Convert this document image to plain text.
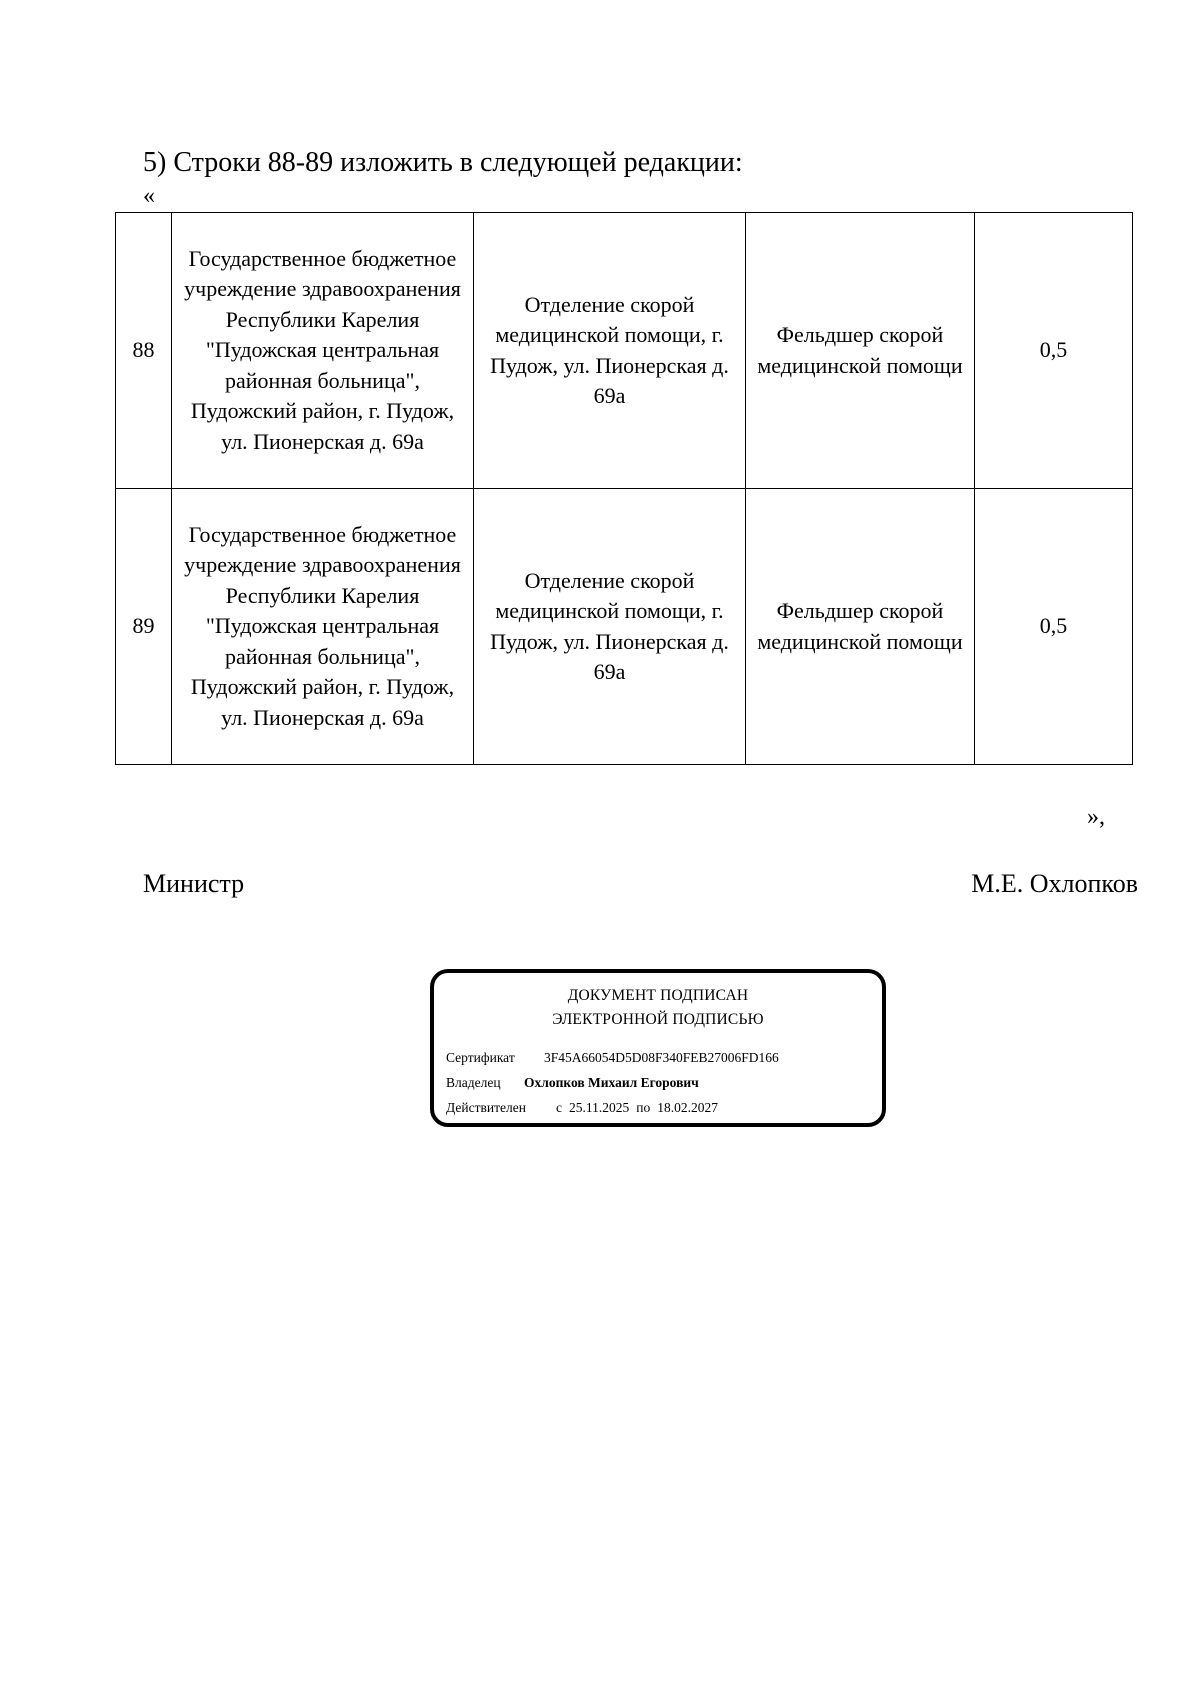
5) Строки 88-89 изложить в следующей редакции:
«
88	Государственное бюджетное учреждение здравоохранения Республики Карелия "Пудожская центральная районная больница", Пудожский район, г. Пудож, ул. Пионерская д. 69а	Отделение скорой медицинской помощи, г. Пудож, ул. Пионерская д. 69а	Фельдшер скорой медицинской помощи	0,5
89	Государственное бюджетное учреждение здравоохранения Республики Карелия "Пудожская центральная районная больница", Пудожский район, г. Пудож, ул. Пионерская д. 69а	Отделение скорой медицинской помощи, г. Пудож, ул. Пионерская д. 69а	Фельдшер скорой медицинской помощи	0,5
»,
Министр	М.Е. Охлопков
ДОКУМЕНТ ПОДПИСАН
ЭЛЕКТРОННОЙ ПОДПИСЬЮ
Сертификат 3F45A66054D5D08F340FEB27006FD166
Владелец Охлопков Михаил Егорович
Действителен с 25.11.2025 по 18.02.2027
